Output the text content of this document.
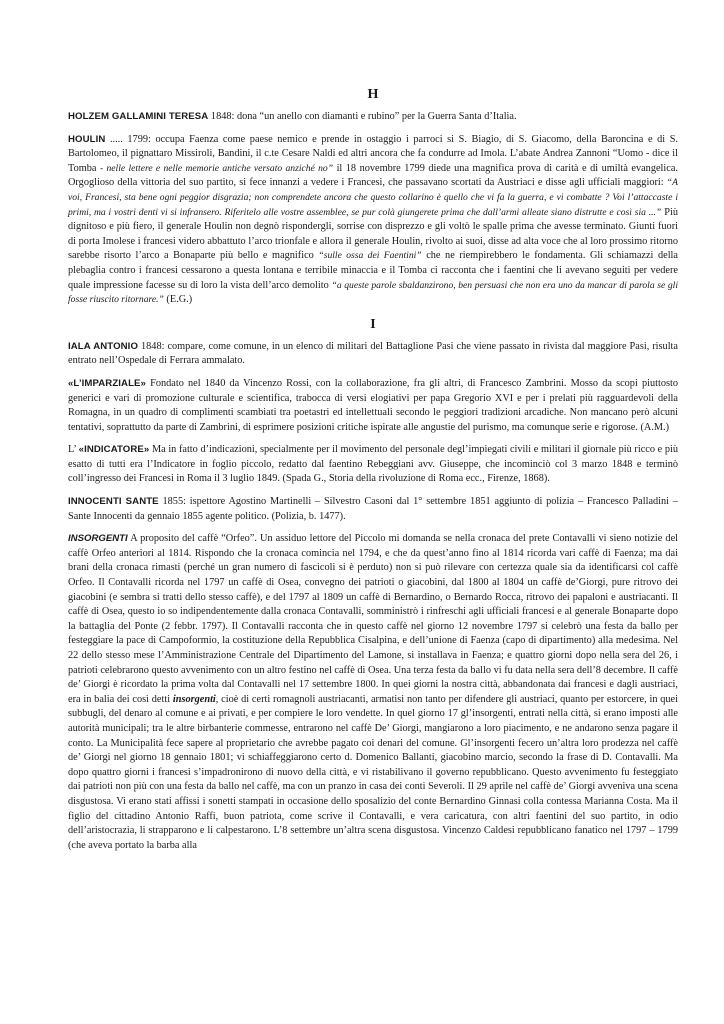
H

HOLZEM GALLAMINI TERESA 1848: dona “un anello con diamanti e rubino” per la Guerra Santa d’Italia.

HOULIN ..... 1799: occupa Faenza come paese nemico e prende in ostaggio i parroci si S. Biagio, di S. Giacomo, della Baroncina e di S. Bartolomeo, il pignattaro Missiroli, Bandini, il c.te Cesare Naldi ed altri ancora che fa condurre ad Imola. L’abate Andrea Zannoni “Uomo - dice il Tomba - nelle lettere e nelle memorie antiche versato anziché no” il 18 novembre 1799 diede una magnifica prova di carità e di umiltà evangelica. Orgoglioso della vittoria del suo partito, si fece innanzi a vedere i Francesi, che passavano scortati da Austriaci e disse agli ufficiali maggiori: “A voi, Francesi, sta bene ogni peggior disgrazia; non comprendete ancora che questo collarino è quello che vi fa la guerra, e vi combatte ? Voi l’attaccaste i primi, ma i vostri denti vi si infransero. Riferitelo alle vostre assemblee, se pur colà giungerete prima che dall’armi alleate siano distrutte e così sia ...” Più dignitoso e più fiero, il generale Houlin non degnò rispondergli, sorrise con disprezzo e gli voltò le spalle prima che avesse terminato. Giunti fuori di porta Imolese i francesi videro abbattuto l’arco trionfale e allora il generale Houlin, rivolto ai suoi, disse ad alta voce che al loro prossimo ritorno sarebbe risorto l’arco a Bonaparte più bello e magnifico “sulle ossa dei Faentini” che ne riempirebbero le fondamenta. Gli schiamazzi della plebaglia contro i francesi cessarono a questa lontana e terribile minaccia e il Tomba ci racconta che i faentini che li avevano seguiti per vedere quale impressione facesse su di loro la vista dell’arco demolito “a queste parole sbaldanzirono, ben persuasi che non era uno da mancar di parola se gli fosse riuscito ritornare.” (E.G.)

I

IALA ANTONIO 1848: compare, come comune, in un elenco di militari del Battaglione Pasi che viene passato in rivista dal maggiore Pasi, risulta entrato nell’Ospedale di Ferrara ammalato.

«L’IMPARZIALE» Fondato nel 1840 da Vincenzo Rossi, con la collaborazione, fra gli altri, di Francesco Zambrini. Mosso da scopi piuttosto generici e vari di promozione culturale e scientifica, trabocca di versi elogiativi per papa Gregorio XVI e per i prelati più ragguardevoli della Romagna, in un quadro di complimenti scambiati tra poetastri ed intellettuali secondo le peggiori tradizioni arcadiche. Non mancano però alcuni tentativi, soprattutto da parte di Zambrini, di esprimere posizioni critiche ispirate alle angustie del purismo, ma comunque serie e rigorose. (A.M.)

L’ «INDICATORE» Ma in fatto d’indicazioni, specialmente per il movimento del personale degl’impiegati civili e militari il giornale più ricco e più esatto di tutti era l’Indicatore in foglio piccolo, redatto dal faentino Rebeggiani avv. Giuseppe, che incominciò col 3 marzo 1848 e terminò coll’ingresso dei Francesi in Roma il 3 luglio 1849. (Spada G., Storia della rivoluzione di Roma ecc., Firenze, 1868).

INNOCENTI SANTE 1855: ispettore Agostino Martinelli – Silvestro Casoni dal 1° settembre 1851 aggiunto di polizia – Francesco Palladini – Sante Innocenti da gennaio 1855 agente politico. (Polizia, b. 1477).

INSORGENTI A proposito del caffè “Orfeo”. Un assiduo lettore del Piccolo mi domanda se nella cronaca del prete Contavalli vi sieno notizie del caffè Orfeo anteriori al 1814. Rispondo che la cronaca comincia nel 1794, e che da quest’anno fino al 1814 ricorda vari caffè di Faenza; ma dai brani della cronaca rimasti (perché un gran numero di fascicoli si è perduto) non si può rilevare con certezza quale sia da identificarsi col caffè Orfeo. Il Contavalli ricorda nel 1797 un caffè di Osea, convegno dei patrioti o giacobini, dal 1800 al 1804 un caffè de’Giorgi, pure ritrovo dei giacobini (e sembra si tratti dello stesso caffè), e del 1797 al 1809 un caffè di Bernardino, o Bernardo Rocca, ritrovo dei papaloni e austriacanti. Il caffè di Osea, questo io so indipendentemente dalla cronaca Contavalli, somministrò i rinfreschi agli ufficiali francesi e al generale Bonaparte dopo la battaglia del Ponte (2 febbr. 1797). Il Contavalli racconta che in questo caffè nel giorno 12 novembre 1797 si celebrò una festa da ballo per festeggiare la pace di Campoformio, la costituzione della Repubblica Cisalpina, e dell’unione di Faenza (capo di dipartimento) alla medesima. Nel 22 dello stesso mese l’Amministrazione Centrale del Dipartimento del Lamone, si installava in Faenza; e quattro giorni dopo nella sera del 26, i patrioti celebrarono questo avvenimento con un altro festino nel caffè di Osea. Una terza festa da ballo vi fu data nella sera dell’8 decembre. Il caffè de’ Giorgi è ricordato la prima volta dal Contavalli nel 17 settembre 1800. In quei giorni la nostra città, abbandonata dai francesi e dagli austriaci, era in balia dei così detti insorgenti, cioè di certi romagnoli austriacanti, armatisi non tanto per difendere gli austriaci, quanto per estorcere, in quei subbugli, del denaro al comune e ai privati, e per compiere le loro vendette. In quel giorno 17 gl’insorgenti, entrati nella città, si erano imposti alle autorità municipali; tra le altre birbanterie commesse, entrarono nel caffè De’ Giorgi, mangiarono a loro piacimento, e ne andarono senza pagare il conto. La Municipalità fece sapere al proprietario che avrebbe pagato coi denari del comune. Gl’insorgenti fecero un’altra loro prodezza nel caffè de’ Giorgi nel giorno 18 gennaio 1801; vi schiaffeggiarono certo d. Domenico Ballanti, giacobino marcio, secondo la frase di D. Contavalli. Ma dopo quattro giorni i francesi s’impadronirono di nuovo della città, e vi ristabilivano il governo repubblicano. Questo avvenimento fu festeggiato dai patrioti non più con una festa da ballo nel caffè, ma con un pranzo in casa dei conti Severoli. Il 29 aprile nel caffè de’ Giorgi avveniva una scena disgustosa. Vi erano stati affissi i sonetti stampati in occasione dello sposalizio del conte Bernardino Ginnasi colla contessa Marianna Costa. Ma il figlio del cittadino Antonio Raffi, buon patriota, come scrive il Contavalli, e vera caricatura, con altri faentini del suo partito, in odio dell’aristocrazia, li strapparono e li calpestarono. L’8 settembre un’altra scena disgustosa. Vincenzo Caldesi repubblicano fanatico nel 1797 – 1799 (che aveva portato la barba alla
